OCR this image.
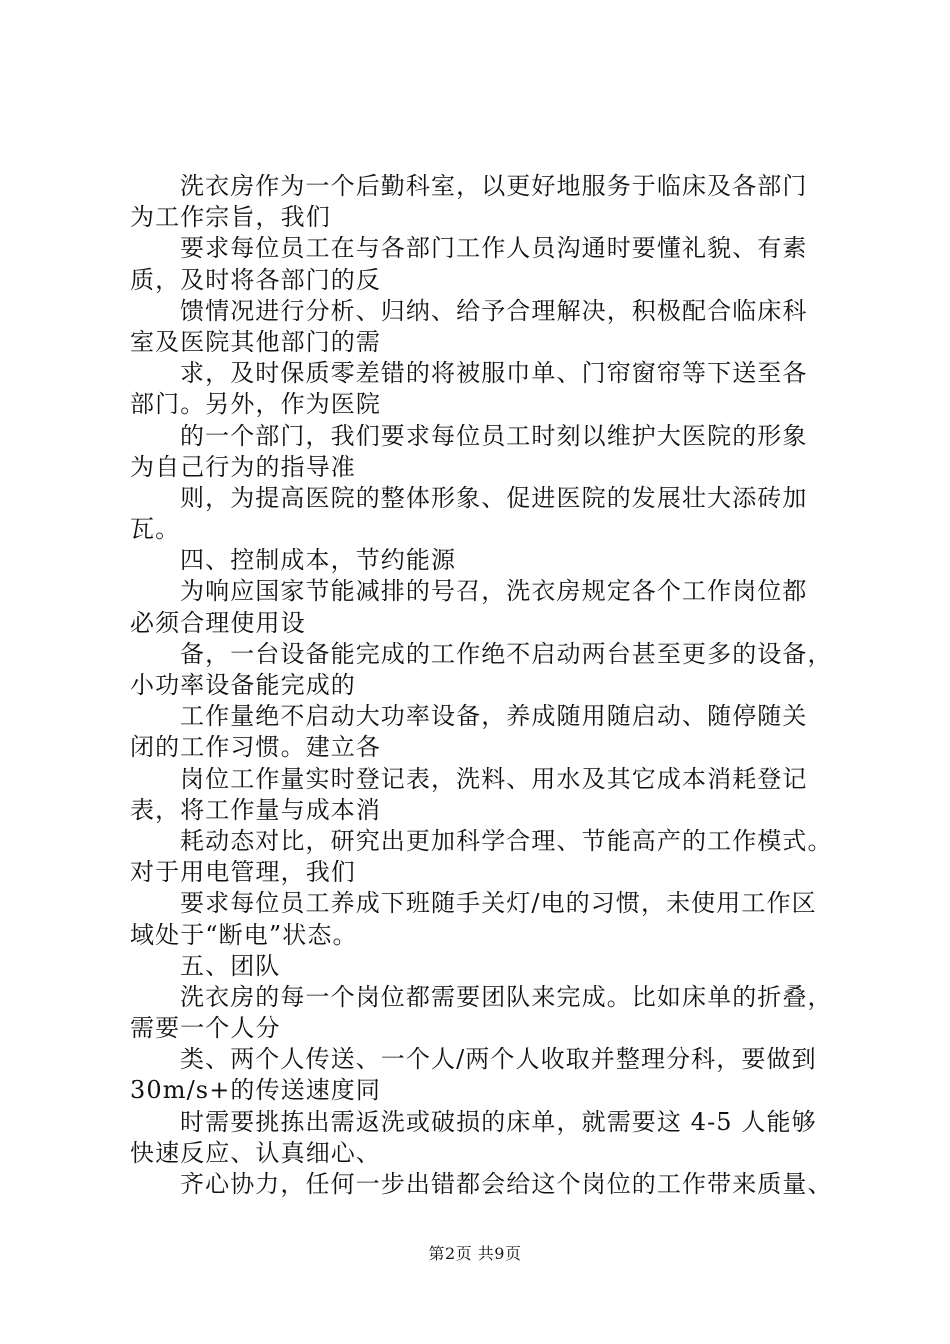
洗衣房作为一个后勤科室，以更好地服务于临床及各部门
为工作宗旨，我们
要求每位员工在与各部门工作人员沟通时要懂礼貌、有素
质，及时将各部门的反
馈情况进行分析、归纳、给予合理解决，积极配合临床科
室及医院其他部门的需
求，及时保质零差错的将被服巾单、门帘窗帘等下送至各
部门。另外，作为医院
的一个部门，我们要求每位员工时刻以维护大医院的形象
为自己行为的指导准
则，为提高医院的整体形象、促进医院的发展壮大添砖加
瓦。
四、控制成本，节约能源
为响应国家节能减排的号召，洗衣房规定各个工作岗位都
必须合理使用设
备，一台设备能完成的工作绝不启动两台甚至更多的设备，
小功率设备能完成的
工作量绝不启动大功率设备，养成随用随启动、随停随关
闭的工作习惯。建立各
岗位工作量实时登记表，洗料、用水及其它成本消耗登记
表，将工作量与成本消
耗动态对比，研究出更加科学合理、节能高产的工作模式。
对于用电管理，我们
要求每位员工养成下班随手关灯/电的习惯，未使用工作区
域处于“断电”状态。
五、团队
洗衣房的每一个岗位都需要团队来完成。比如床单的折叠，
需要一个人分
类、两个人传送、一个人/两个人收取并整理分科，要做到
30m/s+的传送速度同
时需要挑拣出需返洗或破损的床单，就需要这 4-5 人能够
快速反应、认真细心、
齐心协力，任何一步出错都会给这个岗位的工作带来质量、
第2页 共9页
